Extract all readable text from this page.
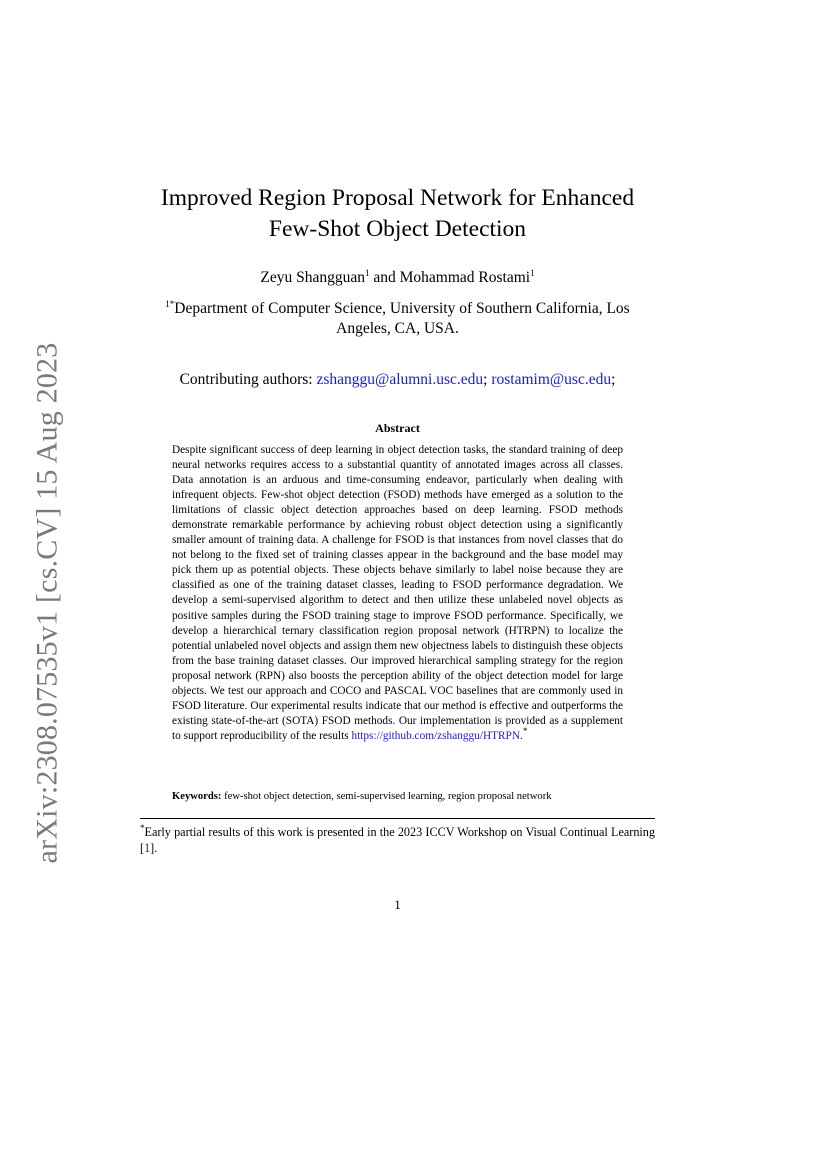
arXiv:2308.07535v1 [cs.CV] 15 Aug 2023
Improved Region Proposal Network for Enhanced
Few-Shot Object Detection
Zeyu Shangguan$^1$ and Mohammad Rostami$^1$
$^{1*}$Department of Computer Science, University of Southern California, Los Angeles, CA, USA.
Contributing authors: zshanggu@alumni.usc.edu; rostamim@usc.edu;
Abstract
Despite significant success of deep learning in object detection tasks, the standard training of deep neural networks requires access to a substantial quantity of annotated images across all classes. Data annotation is an arduous and time-consuming endeavor, particularly when dealing with infrequent objects. Few-shot object detection (FSOD) methods have emerged as a solution to the limitations of classic object detection approaches based on deep learning. FSOD methods demonstrate remarkable performance by achieving robust object detection using a significantly smaller amount of training data. A challenge for FSOD is that instances from novel classes that do not belong to the fixed set of training classes appear in the background and the base model may pick them up as potential objects. These objects behave similarly to label noise because they are classified as one of the training dataset classes, leading to FSOD performance degradation. We develop a semi-supervised algorithm to detect and then utilize these unlabeled novel objects as positive samples during the FSOD training stage to improve FSOD performance. Specifically, we develop a hierarchical ternary classification region proposal network (HTRPN) to localize the potential unlabeled novel objects and assign them new objectness labels to distinguish these objects from the base training dataset classes. Our improved hierarchical sampling strategy for the region proposal network (RPN) also boosts the perception ability of the object detection model for large objects. We test our approach and COCO and PASCAL VOC baselines that are commonly used in FSOD literature. Our experimental results indicate that our method is effective and outperforms the existing state-of-the-art (SOTA) FSOD methods. Our implementation is provided as a supplement to support reproducibility of the results https://github.com/zshanggu/HTRPN.*
Keywords: few-shot object detection, semi-supervised learning, region proposal network
*Early partial results of this work is presented in the 2023 ICCV Workshop on Visual Continual Learning [1].
1
